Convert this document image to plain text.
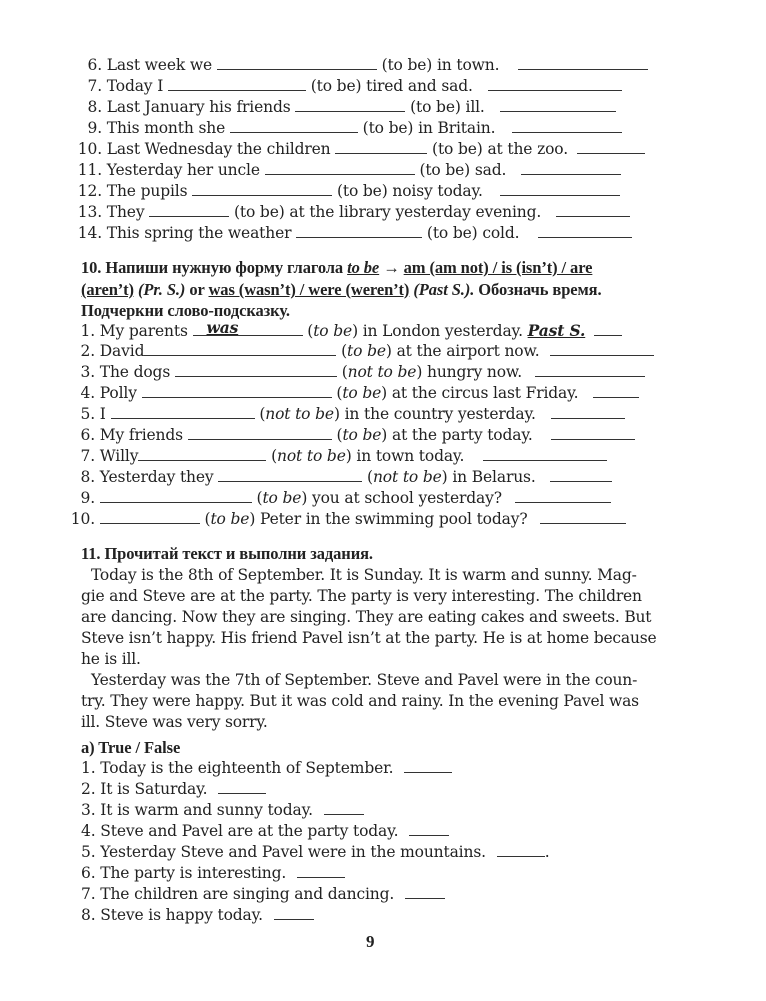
6. Last week we	(to be) in town.
7. Today I	(to be) tired and sad.
8. Last January his friends	(to be) ill.
9. This month she	(to be) in Britain.
10. Last Wednesday the children	(to be) at the zoo.
11. Yesterday her uncle	(to be) sad.
12. The pupils	(to be) noisy today.
13. They	(to be) at the library yesterday evening.
14. This spring the weather	(to be) cold.
10. Напиши нужную форму глагола to be → am (am not) / is (isn’t) / are
(aren’t) (Pr. S.) or was (wasn’t) / were (weren’t) (Past S.). Обозначь время.
Подчеркни слово-подсказку.
1. My parents was	(to be) in London yesterday. Past S.
2. David	(to be) at the airport now.
3. The dogs	(not to be) hungry now.
4. Polly	(to be) at the circus last Friday.
5. I	(not to be) in the country yesterday.
6. My friends	(to be) at the party today.
7. Willy	(not to be) in town today.
8. Yesterday they	(not to be) in Belarus.
9.	(to be) you at school yesterday?
10.	(to be) Peter in the swimming pool today?
11. Прочитай текст и выполни задания.
Today is the 8th of September. It is Sunday. It is warm and sunny. Mag-
gie and Steve are at the party. The party is very interesting. The children
are dancing. Now they are singing. They are eating cakes and sweets. But
Steve isn’t happy. His friend Pavel isn’t at the party. He is at home because
he is ill.
Yesterday was the 7th of September. Steve and Pavel were in the coun-
try. They were happy. But it was cold and rainy. In the evening Pavel was
ill. Steve was very sorry.
a) True / False
1. Today is the eighteenth of September.
2. It is Saturday.
3. It is warm and sunny today.
4. Steve and Pavel are at the party today.
5. Yesterday Steve and Pavel were in the mountains.	.
6. The party is interesting.
7. The children are singing and dancing.
8. Steve is happy today.
9
